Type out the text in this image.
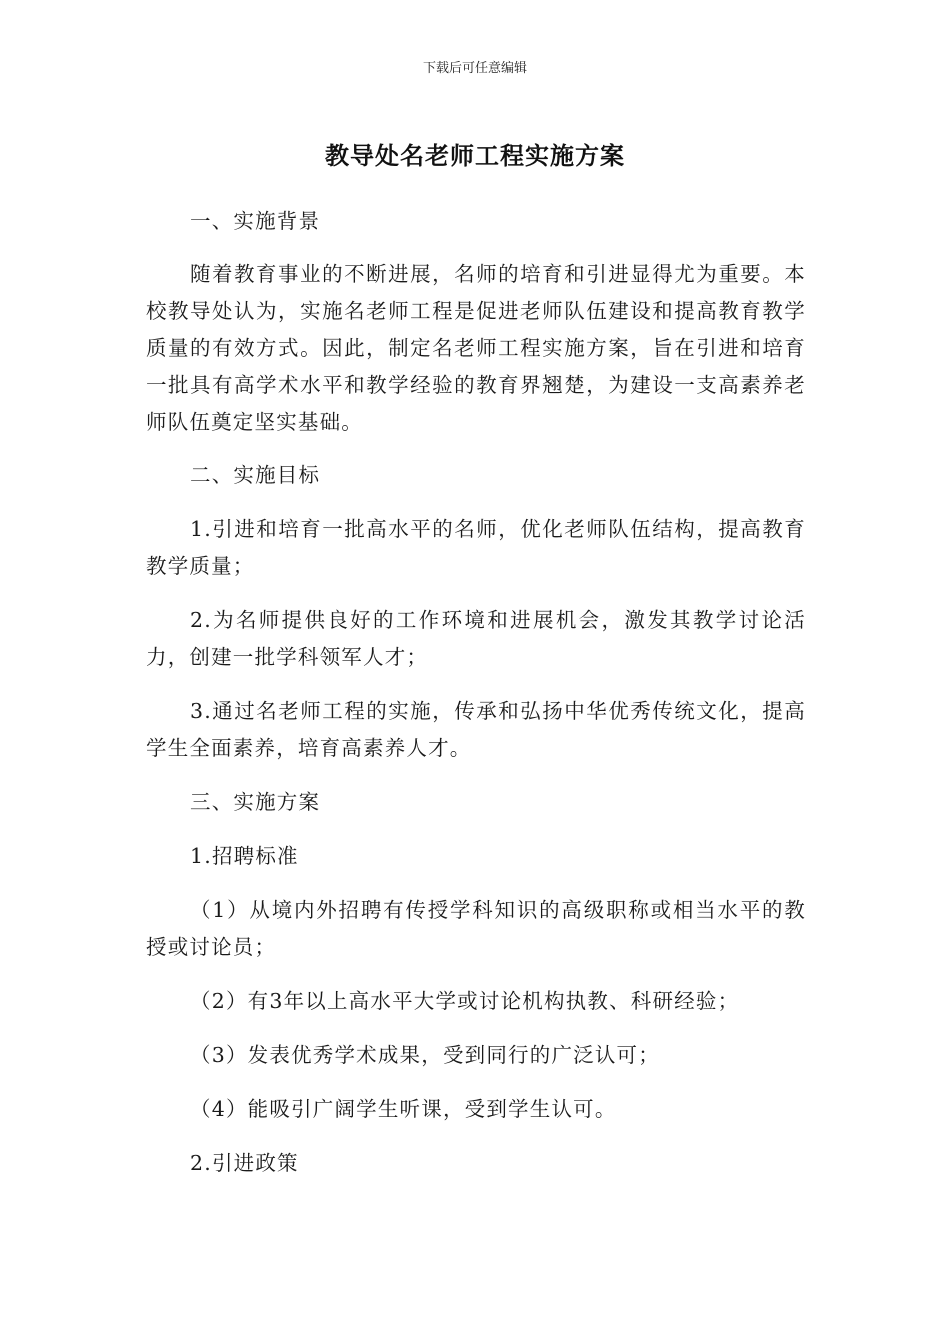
下载后可任意编辑
教导处名老师工程实施方案

一、实施背景

随着教育事业的不断进展，名师的培育和引进显得尤为重要。本校教导处认为，实施名老师工程是促进老师队伍建设和提高教育教学质量的有效方式。因此，制定名老师工程实施方案，旨在引进和培育一批具有高学术水平和教学经验的教育界翘楚，为建设一支高素养老师队伍奠定坚实基础。

二、实施目标

1.引进和培育一批高水平的名师，优化老师队伍结构，提高教育教学质量；

2.为名师提供良好的工作环境和进展机会，激发其教学讨论活力，创建一批学科领军人才；

3.通过名老师工程的实施，传承和弘扬中华优秀传统文化，提高学生全面素养，培育高素养人才。

三、实施方案

1.招聘标准

（1）从境内外招聘有传授学科知识的高级职称或相当水平的教授或讨论员；

（2）有3年以上高水平大学或讨论机构执教、科研经验；

（3）发表优秀学术成果，受到同行的广泛认可；

（4）能吸引广阔学生听课，受到学生认可。

2.引进政策
